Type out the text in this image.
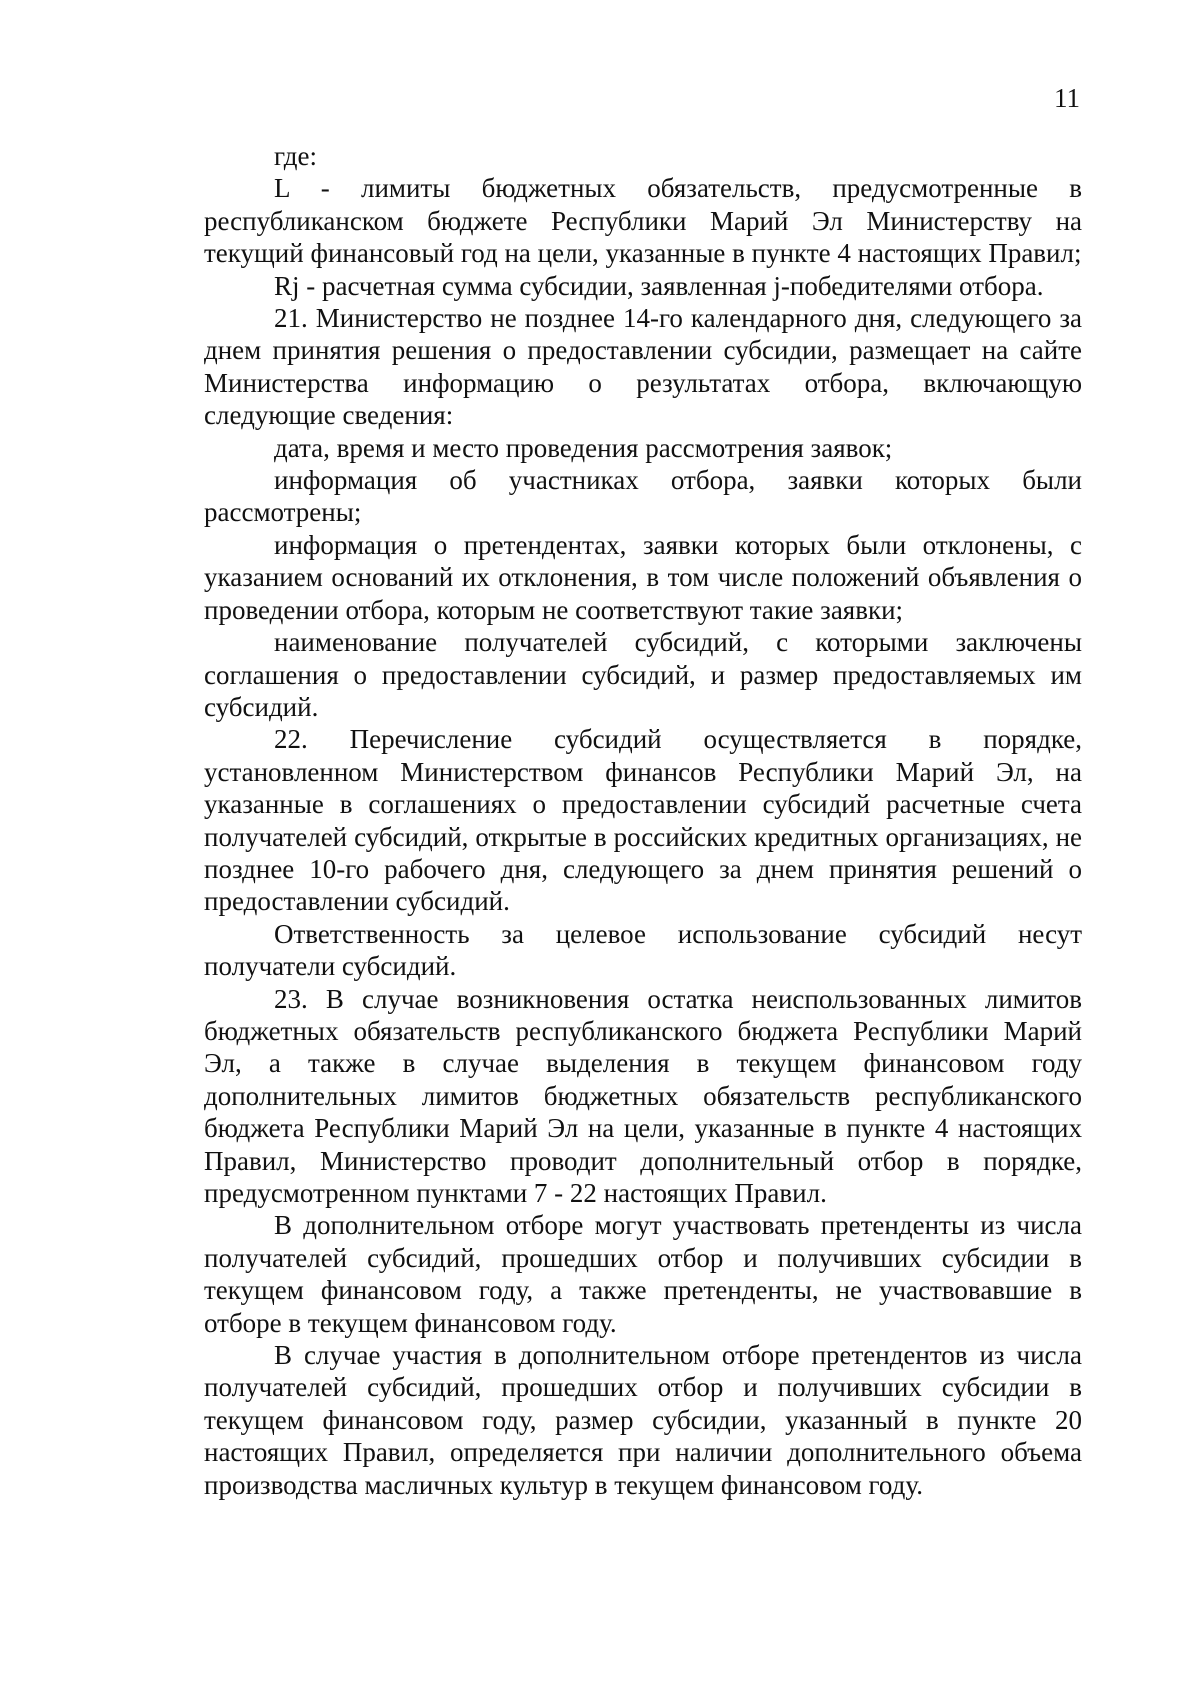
11

где:

L - лимиты бюджетных обязательств, предусмотренные в республиканском бюджете Республики Марий Эл Министерству на текущий финансовый год на цели, указанные в пункте 4 настоящих Правил;

Rj - расчетная сумма субсидии, заявленная j-победителями отбора.

21. Министерство не позднее 14-го календарного дня, следующего за днем принятия решения о предоставлении субсидии, размещает на сайте Министерства информацию о результатах отбора, включающую следующие сведения:

дата, время и место проведения рассмотрения заявок;

информация об участниках отбора, заявки которых были рассмотрены;

информация о претендентах, заявки которых были отклонены, с указанием оснований их отклонения, в том числе положений объявления о проведении отбора, которым не соответствуют такие заявки;

наименование получателей субсидий, с которыми заключены соглашения о предоставлении субсидий, и размер предоставляемых им субсидий.

22. Перечисление субсидий осуществляется в порядке, установленном Министерством финансов Республики Марий Эл, на указанные в соглашениях о предоставлении субсидий расчетные счета получателей субсидий, открытые в российских кредитных организациях, не позднее 10-го рабочего дня, следующего за днем принятия решений о предоставлении субсидий.

Ответственность за целевое использование субсидий несут получатели субсидий.

23. В случае возникновения остатка неиспользованных лимитов бюджетных обязательств республиканского бюджета Республики Марий Эл, а также в случае выделения в текущем финансовом году дополнительных лимитов бюджетных обязательств республиканского бюджета Республики Марий Эл на цели, указанные в пункте 4 настоящих Правил, Министерство проводит дополнительный отбор в порядке, предусмотренном пунктами 7 - 22 настоящих Правил.

В дополнительном отборе могут участвовать претенденты из числа получателей субсидий, прошедших отбор и получивших субсидии в текущем финансовом году, а также претенденты, не участвовавшие в отборе в текущем финансовом году.

В случае участия в дополнительном отборе претендентов из числа получателей субсидий, прошедших отбор и получивших субсидии в текущем финансовом году, размер субсидии, указанный в пункте 20 настоящих Правил, определяется при наличии дополнительного объема производства масличных культур в текущем финансовом году.
